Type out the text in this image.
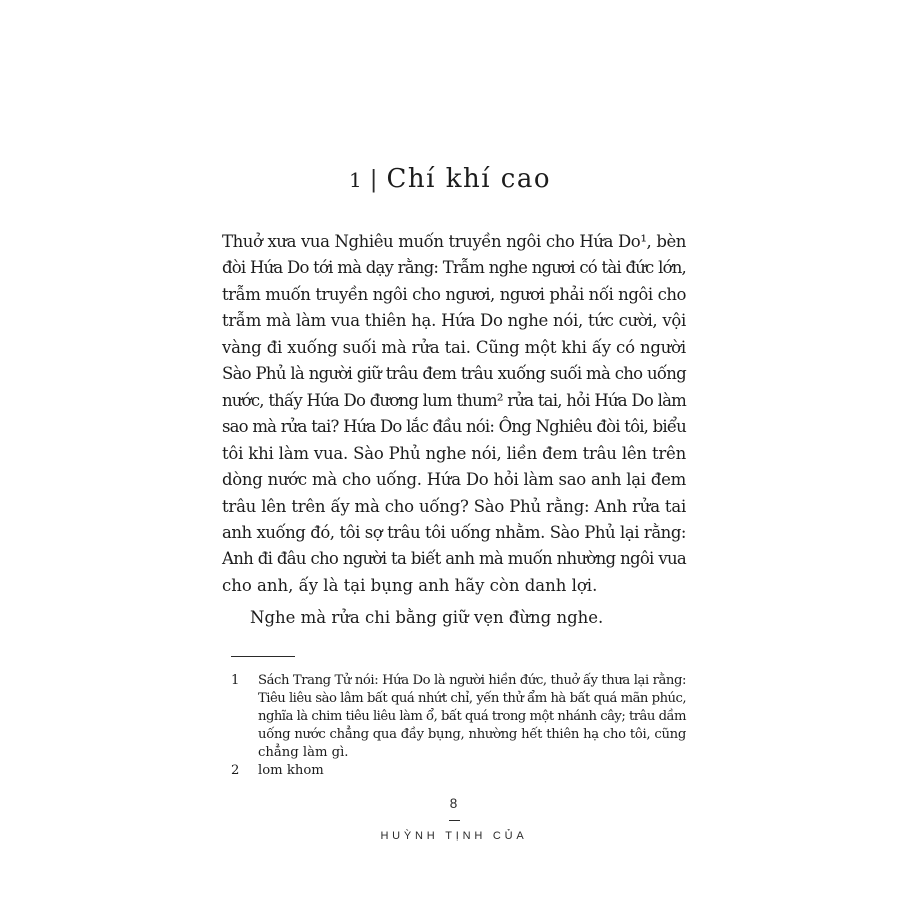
1 | Chí khí cao
Thuở xưa vua Nghiêu muốn truyền ngôi cho Hứa Do¹, bèn
đòi Hứa Do tới mà dạy rằng: Trẫm nghe ngươi có tài đức lớn,
trẫm muốn truyền ngôi cho ngươi, ngươi phải nối ngôi cho
trẫm mà làm vua thiên hạ. Hứa Do nghe nói, tức cười, vội
vàng đi xuống suối mà rửa tai. Cũng một khi ấy có người
Sào Phủ là người giữ trâu đem trâu xuống suối mà cho uống
nước, thấy Hứa Do đương lum thum² rửa tai, hỏi Hứa Do làm
sao mà rửa tai? Hứa Do lắc đầu nói: Ông Nghiêu đòi tôi, biểu
tôi khi làm vua. Sào Phủ nghe nói, liền đem trâu lên trên
dòng nước mà cho uống. Hứa Do hỏi làm sao anh lại đem
trâu lên trên ấy mà cho uống? Sào Phủ rằng: Anh rửa tai
anh xuống đó, tôi sợ trâu tôi uống nhằm. Sào Phủ lại rằng:
Anh đi đâu cho người ta biết anh mà muốn nhường ngôi vua
cho anh, ấy là tại bụng anh hãy còn danh lợi.
Nghe mà rửa chi bằng giữ vẹn đừng nghe.
1	Sách Trang Tử nói: Hứa Do là người hiền đức, thuở ấy thưa lại rằng:
Tiêu liêu sào lâm bất quá nhứt chỉ, yến thử ẩm hà bất quá mãn phúc,
nghĩa là chim tiêu liêu làm ổ, bất quá trong một nhánh cây; trâu dầm
uống nước chẳng qua đầy bụng, nhường hết thiên hạ cho tôi, cũng
chẳng làm gì.
2	lom khom
8
HUỲNH TỊNH CỦA
